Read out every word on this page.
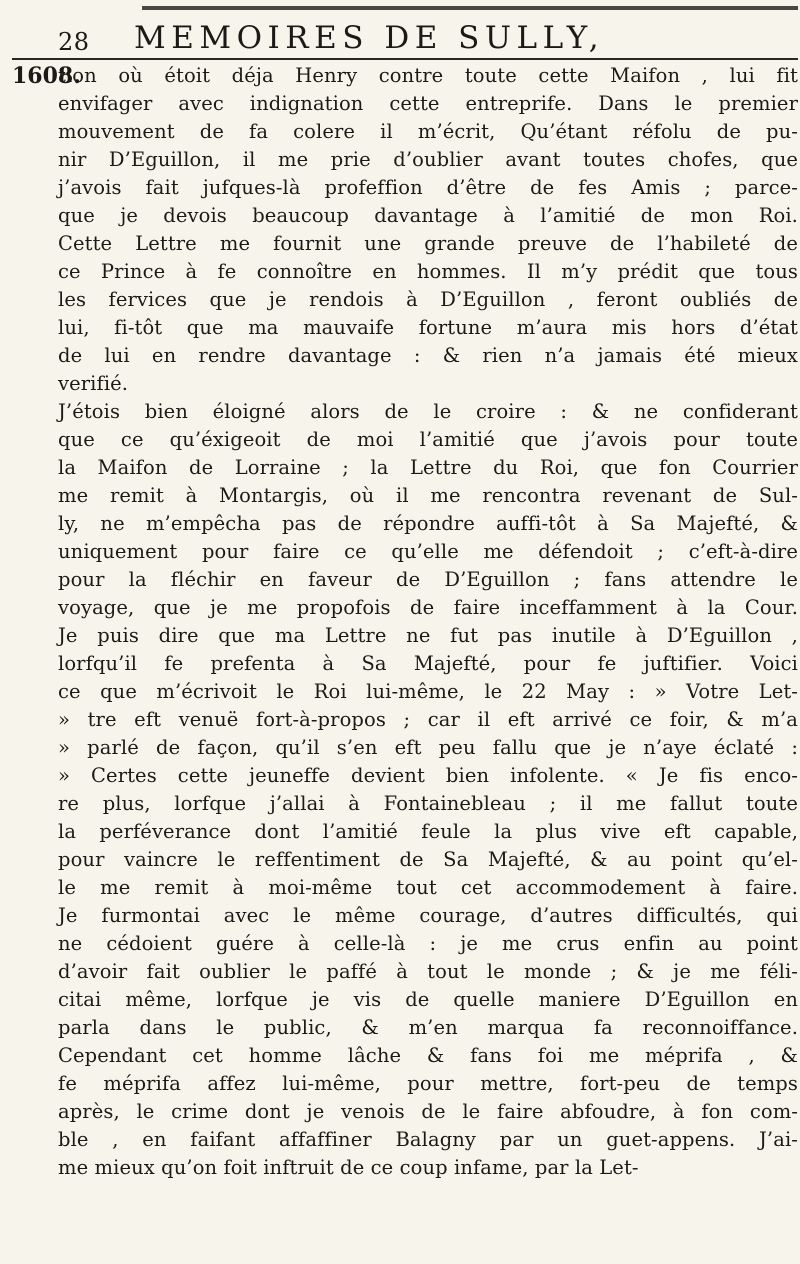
28	MEMOIRES DE SULLY,
1608.
tion où étoit déja Henry contre toute cette Maifon , lui fit
envifager avec indignation cette entreprife. Dans le premier
mouvement de fa colere il m’écrit, Qu’étant réfolu de pu-
nir D’Eguillon, il me prie d’oublier avant toutes chofes, que
j’avois fait jufques-là profeffion d’être de fes Amis ; parce-
que je devois beaucoup davantage à l’amitié de mon Roi.
Cette Lettre me fournit une grande preuve de l’habileté de
ce Prince à fe connoître en hommes. Il m’y prédit que tous
les fervices que je rendois à D’Eguillon , feront oubliés de
lui, fi-tôt que ma mauvaife fortune m’aura mis hors d’état
de lui en rendre davantage : & rien n’a jamais été mieux
verifié.
J’étois bien éloigné alors de le croire : & ne confiderant
que ce qu’éxigeoit de moi l’amitié que j’avois pour toute
la Maifon de Lorraine ; la Lettre du Roi, que fon Courrier
me remit à Montargis, où il me rencontra revenant de Sul-
ly, ne m’empêcha pas de répondre auffi-tôt à Sa Majefté, &
uniquement pour faire ce qu’elle me défendoit ; c’eft-à-dire
pour la fléchir en faveur de D’Eguillon ; fans attendre le
voyage, que je me propofois de faire inceffamment à la Cour.
Je puis dire que ma Lettre ne fut pas inutile à D’Eguillon ,
lorfqu’il fe prefenta à Sa Majefté, pour fe juftifier. Voici
ce que m’écrivoit le Roi lui-même, le 22 May : » Votre Let-
» tre eft venuë fort-à-propos ; car il eft arrivé ce foir, & m’a
» parlé de façon, qu’il s’en eft peu fallu que je n’aye éclaté :
» Certes cette jeuneffe devient bien infolente. « Je fis enco-
re plus, lorfque j’allai à Fontainebleau ; il me fallut toute
la perféverance dont l’amitié feule la plus vive eft capable,
pour vaincre le reffentiment de Sa Majefté, & au point qu’el-
le me remit à moi-même tout cet accommodement à faire.
Je furmontai avec le même courage, d’autres difficultés, qui
ne cédoient guére à celle-là : je me crus enfin au point
d’avoir fait oublier le paffé à tout le monde ; & je me féli-
citai même, lorfque je vis de quelle maniere D’Eguillon en
parla dans le public, & m’en marqua fa reconnoiffance.
Cependant cet homme lâche & fans foi me méprifa , &
fe méprifa affez lui-même, pour mettre, fort-peu de temps
après, le crime dont je venois de le faire abfoudre, à fon com-
ble , en faifant affaffiner Balagny par un guet-appens. J’ai-
me mieux qu’on foit inftruit de ce coup infame, par la Let-
